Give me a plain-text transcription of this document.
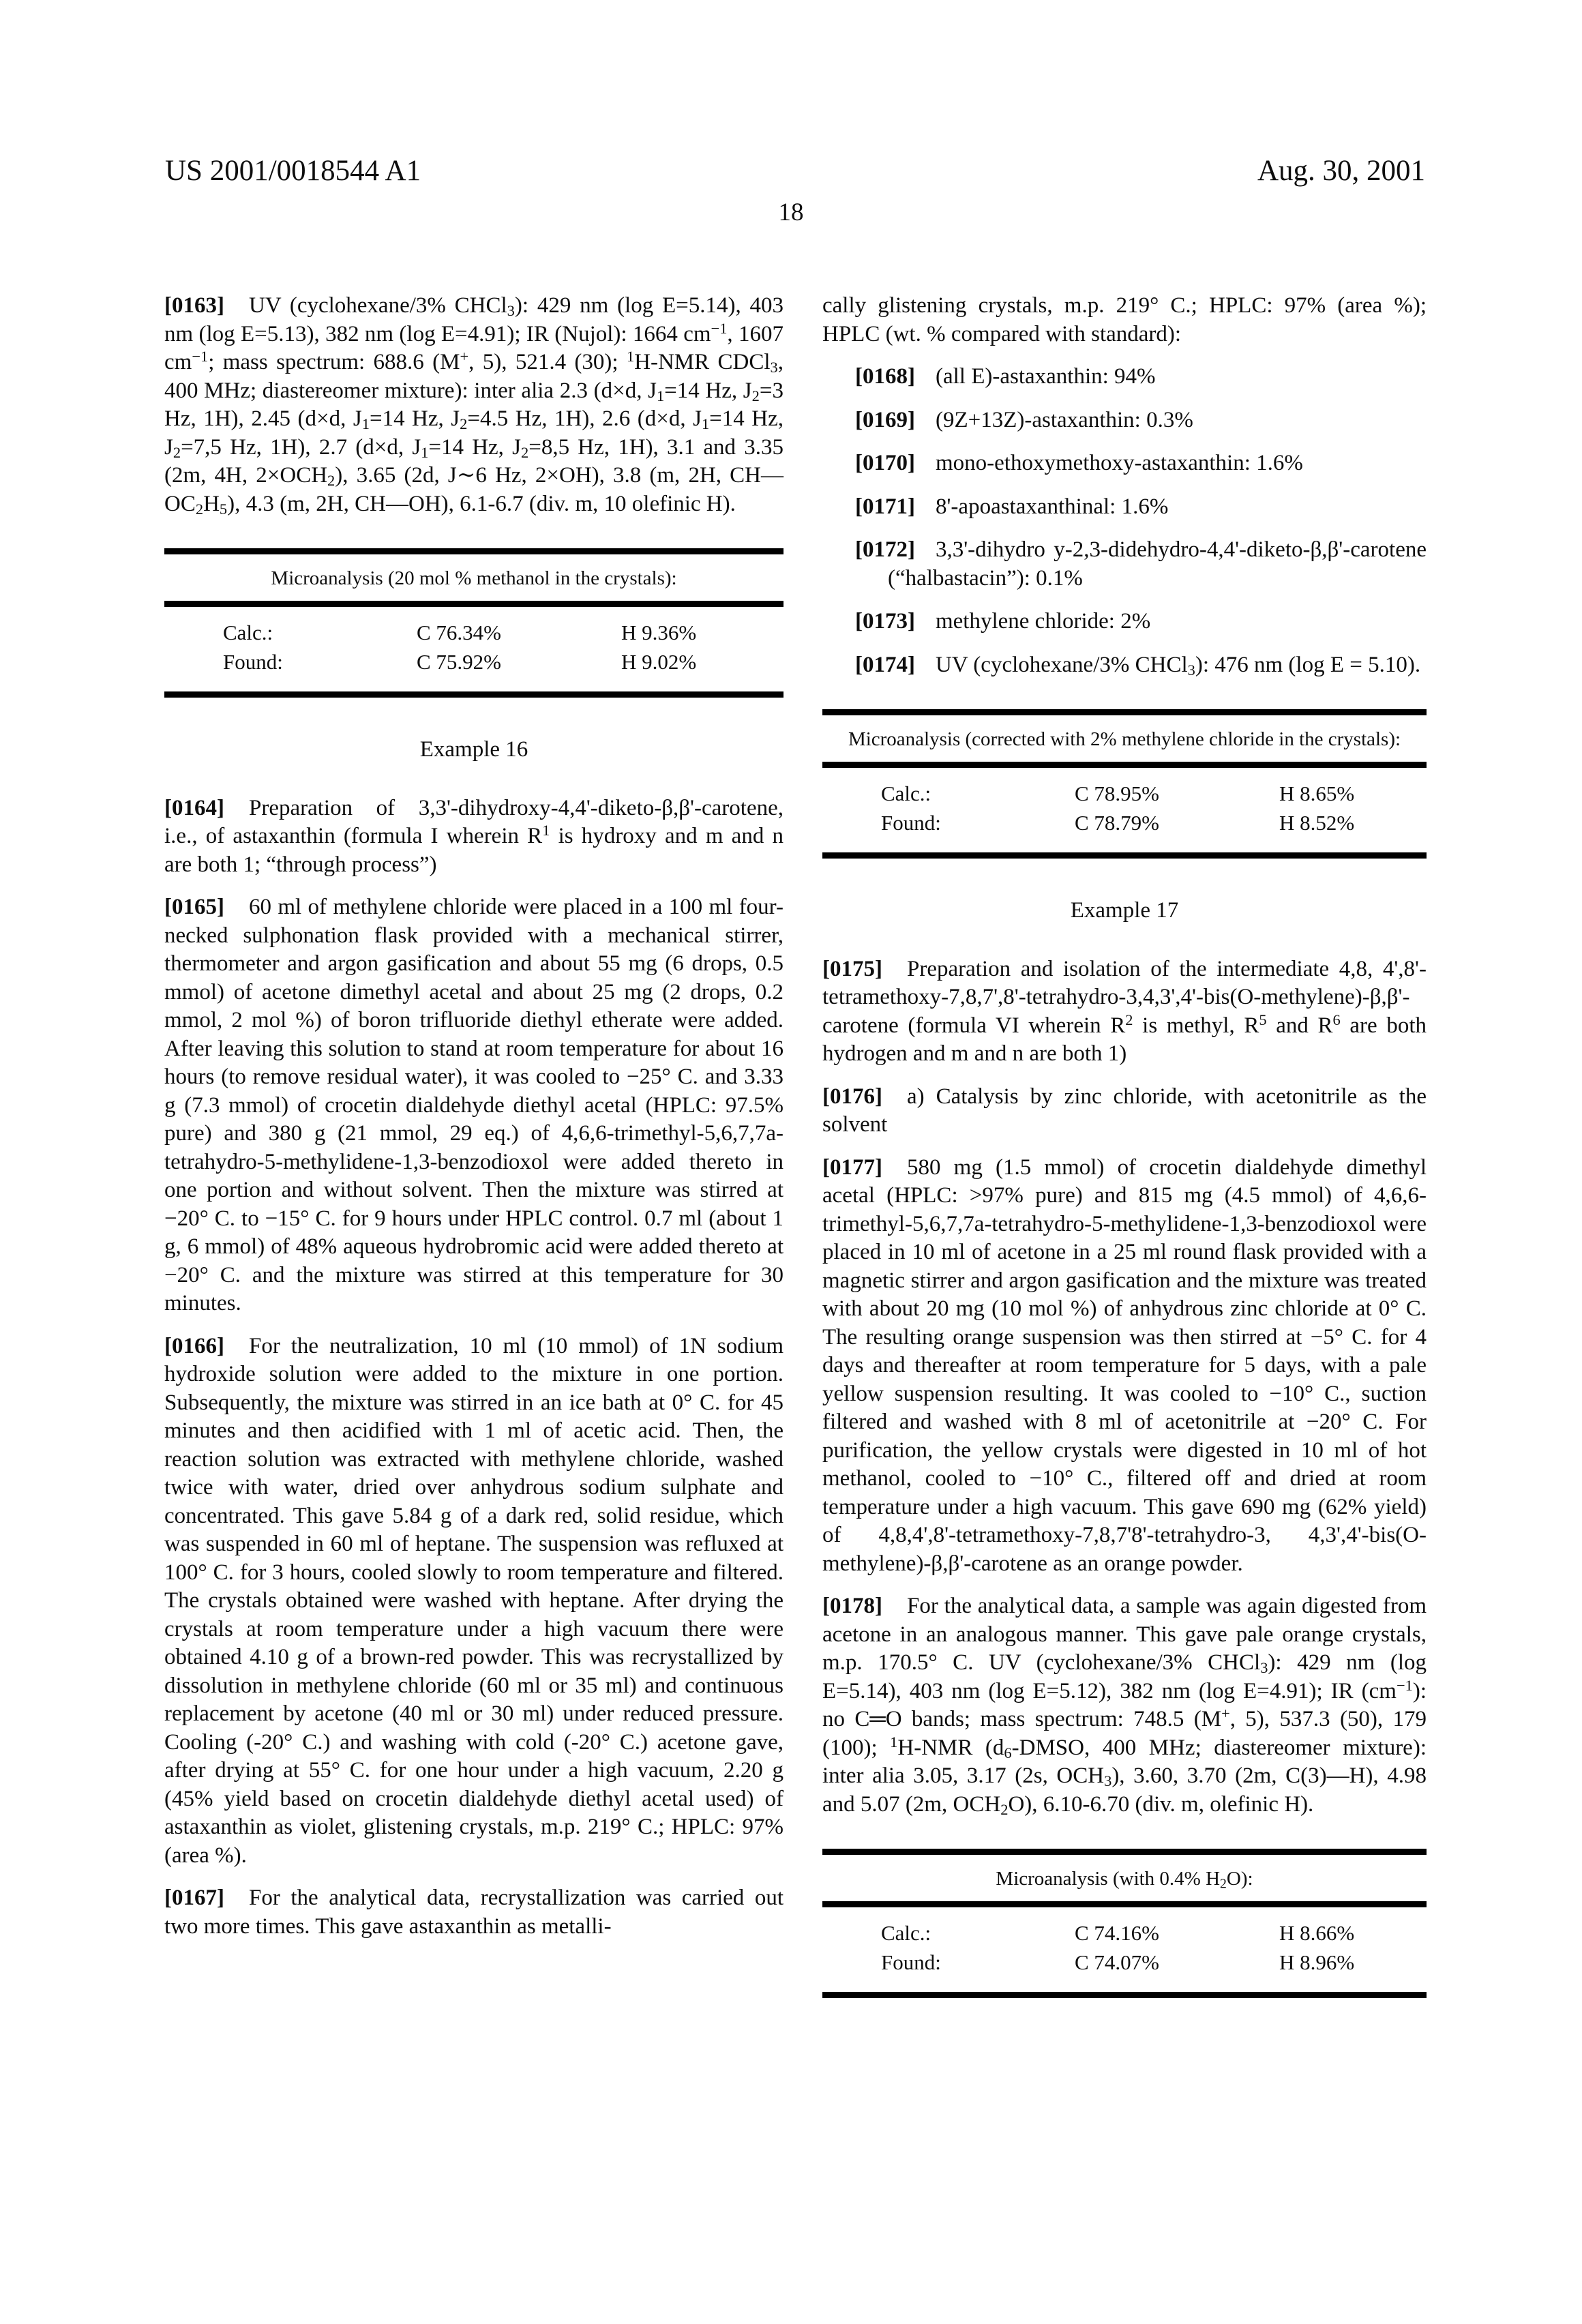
US 2001/0018544 A1	Aug. 30, 2001
18
[0163] UV (cyclohexane/3% CHCl$_3$): 429 nm (log E=5.14), 403 nm (log E=5.13), 382 nm (log E=4.91); IR (Nujol): 1664 $cm^{-1}$, 1607 $cm^{-1}$; mass spectrum: 688.6 (M+, 5), 521.4 (30); $^1$H-NMR CDCl$_3$, 400 MHz; diastereomer mixture): inter alia 2.3 (d×d, $J_1=14$ Hz, $J_2=3$ Hz, 1H), 2.45 (d×d, $J_1=14$ Hz, $J_2=4.5$ Hz, 1H), 2.6 (d×d, $J_1=14$ Hz, $J_2=7,5$ Hz, 1H), 2.7 (d×d, $J_1=14$ Hz, $J_2=8,5$ Hz, 1H), 3.1 and 3.35 (2m, 4H, $2\times OCH_2$), 3.65 (2d, J∼6 Hz, 2×OH), 3.8 (m, 2H, $CH—OC_2H_5$), 4.3 (m, 2H, CH—OH), 6.1-6.7 (div. m, 10 olefinic H).
Microanalysis (20 mol % methanol in the crystals):
Calc.:	C 76.34%	H 9.36%
Found:	C 75.92%	H 9.02%
Example 16
[0164] Preparation of 3,3'-dihydroxy-4,4'-diketo-β,β'-carotene, i.e., of astaxanthin (formula I wherein $R^1$ is hydroxy and m and n are both 1; “through process”)
[0165] 60 ml of methylene chloride were placed in a 100 ml four-necked sulphonation flask provided with a mechanical stirrer, thermometer and argon gasification and about 55 mg (6 drops, 0.5 mmol) of acetone dimethyl acetal and about 25 mg (2 drops, 0.2 mmol, 2 mol %) of boron trifluoride diethyl etherate were added. After leaving this solution to stand at room temperature for about 16 hours (to remove residual water), it was cooled to −25° C. and 3.33 g (7.3 mmol) of crocetin dialdehyde diethyl acetal (HPLC: 97.5% pure) and 380 g (21 mmol, 29 eq.) of 4,6,6-trimethyl-5,6,7,7a-tetrahydro-5-methylidene-1,3-benzodioxol were added thereto in one portion and without solvent. Then the mixture was stirred at −20° C. to −15° C. for 9 hours under HPLC control. 0.7 ml (about 1 g, 6 mmol) of 48% aqueous hydrobromic acid were added thereto at −20° C. and the mixture was stirred at this temperature for 30 minutes.
[0166] For the neutralization, 10 ml (10 mmol) of 1N sodium hydroxide solution were added to the mixture in one portion. Subsequently, the mixture was stirred in an ice bath at 0° C. for 45 minutes and then acidified with 1 ml of acetic acid. Then, the reaction solution was extracted with methylene chloride, washed twice with water, dried over anhydrous sodium sulphate and concentrated. This gave 5.84 g of a dark red, solid residue, which was suspended in 60 ml of heptane. The suspension was refluxed at 100° C. for 3 hours, cooled slowly to room temperature and filtered. The crystals obtained were washed with heptane. After drying the crystals at room temperature under a high vacuum there were obtained 4.10 g of a brown-red powder. This was recrystallized by dissolution in methylene chloride (60 ml or 35 ml) and continuous replacement by acetone (40 ml or 30 ml) under reduced pressure. Cooling (-20° C.) and washing with cold (-20° C.) acetone gave, after drying at 55° C. for one hour under a high vacuum, 2.20 g (45% yield based on crocetin dialdehyde diethyl acetal used) of astaxanthin as violet, glistening crystals, m.p. 219° C.; HPLC: 97% (area %).
[0167] For the analytical data, recrystallization was carried out two more times. This gave astaxanthin as metalli-
cally glistening crystals, m.p. 219° C.; HPLC: 97% (area %); HPLC (wt. % compared with standard):
[0168] (all E)-astaxanthin: 94%
[0169] (9Z+13Z)-astaxanthin: 0.3%
[0170] mono-ethoxymethoxy-astaxanthin: 1.6%
[0171] 8'-apoastaxanthinal: 1.6%
[0172] 3,3'-dihydro y-2,3-didehydro-4,4'-diketo-β,β'-carotene (“halbastacin”): 0.1%
[0173] methylene chloride: 2%
[0174] UV (cyclohexane/3% CHCl$_3$): 476 nm (log E = 5.10).
Microanalysis (corrected with 2% methylene chloride in the crystals):
Calc.:	C 78.95%	H 8.65%
Found:	C 78.79%	H 8.52%
Example 17
[0175] Preparation and isolation of the intermediate 4,8, 4',8'-tetramethoxy-7,8,7',8'-tetrahydro-3,4,3',4'-bis(O-methylene)-β,β'-carotene (formula VI wherein $R^2$ is methyl, $R^5$ and $R^6$ are both hydrogen and m and n are both 1)
[0176] a) Catalysis by zinc chloride, with acetonitrile as the solvent
[0177] 580 mg (1.5 mmol) of crocetin dialdehyde dimethyl acetal (HPLC: >97% pure) and 815 mg (4.5 mmol) of 4,6,6-trimethyl-5,6,7,7a-tetrahydro-5-methylidene-1,3-benzodioxol were placed in 10 ml of acetone in a 25 ml round flask provided with a magnetic stirrer and argon gasification and the mixture was treated with about 20 mg (10 mol %) of anhydrous zinc chloride at 0° C. The resulting orange suspension was then stirred at −5° C. for 4 days and thereafter at room temperature for 5 days, with a pale yellow suspension resulting. It was cooled to −10° C., suction filtered and washed with 8 ml of acetonitrile at −20° C. For purification, the yellow crystals were digested in 10 ml of hot methanol, cooled to −10° C., filtered off and dried at room temperature under a high vacuum. This gave 690 mg (62% yield) of 4,8,4',8'-tetramethoxy-7,8,7'8'-tetrahydro-3, 4,3',4'-bis(O-methylene)-β,β'-carotene as an orange powder.
[0178] For the analytical data, a sample was again digested from acetone in an analogous manner. This gave pale orange crystals, m.p. 170.5° C. UV (cyclohexane/3% CHCl$_3$): 429 nm (log E=5.14), 403 nm (log E=5.12), 382 nm (log E=4.91); IR $(cm^{-1})$: no C═O bands; mass spectrum: 748.5 (M+, 5), 537.3 (50), 179 (100); $^1$H-NMR ($d_6$-DMSO, 400 MHz; diastereomer mixture): inter alia 3.05, 3.17 (2s, $OCH_3$), 3.60, 3.70 (2m, C(3)—H), 4.98 and 5.07 (2m, $OCH_2O$), 6.10-6.70 (div. m, olefinic H).
Microanalysis (with 0.4% $H_2O$):
Calc.:	C 74.16%	H 8.66%
Found:	C 74.07%	H 8.96%
